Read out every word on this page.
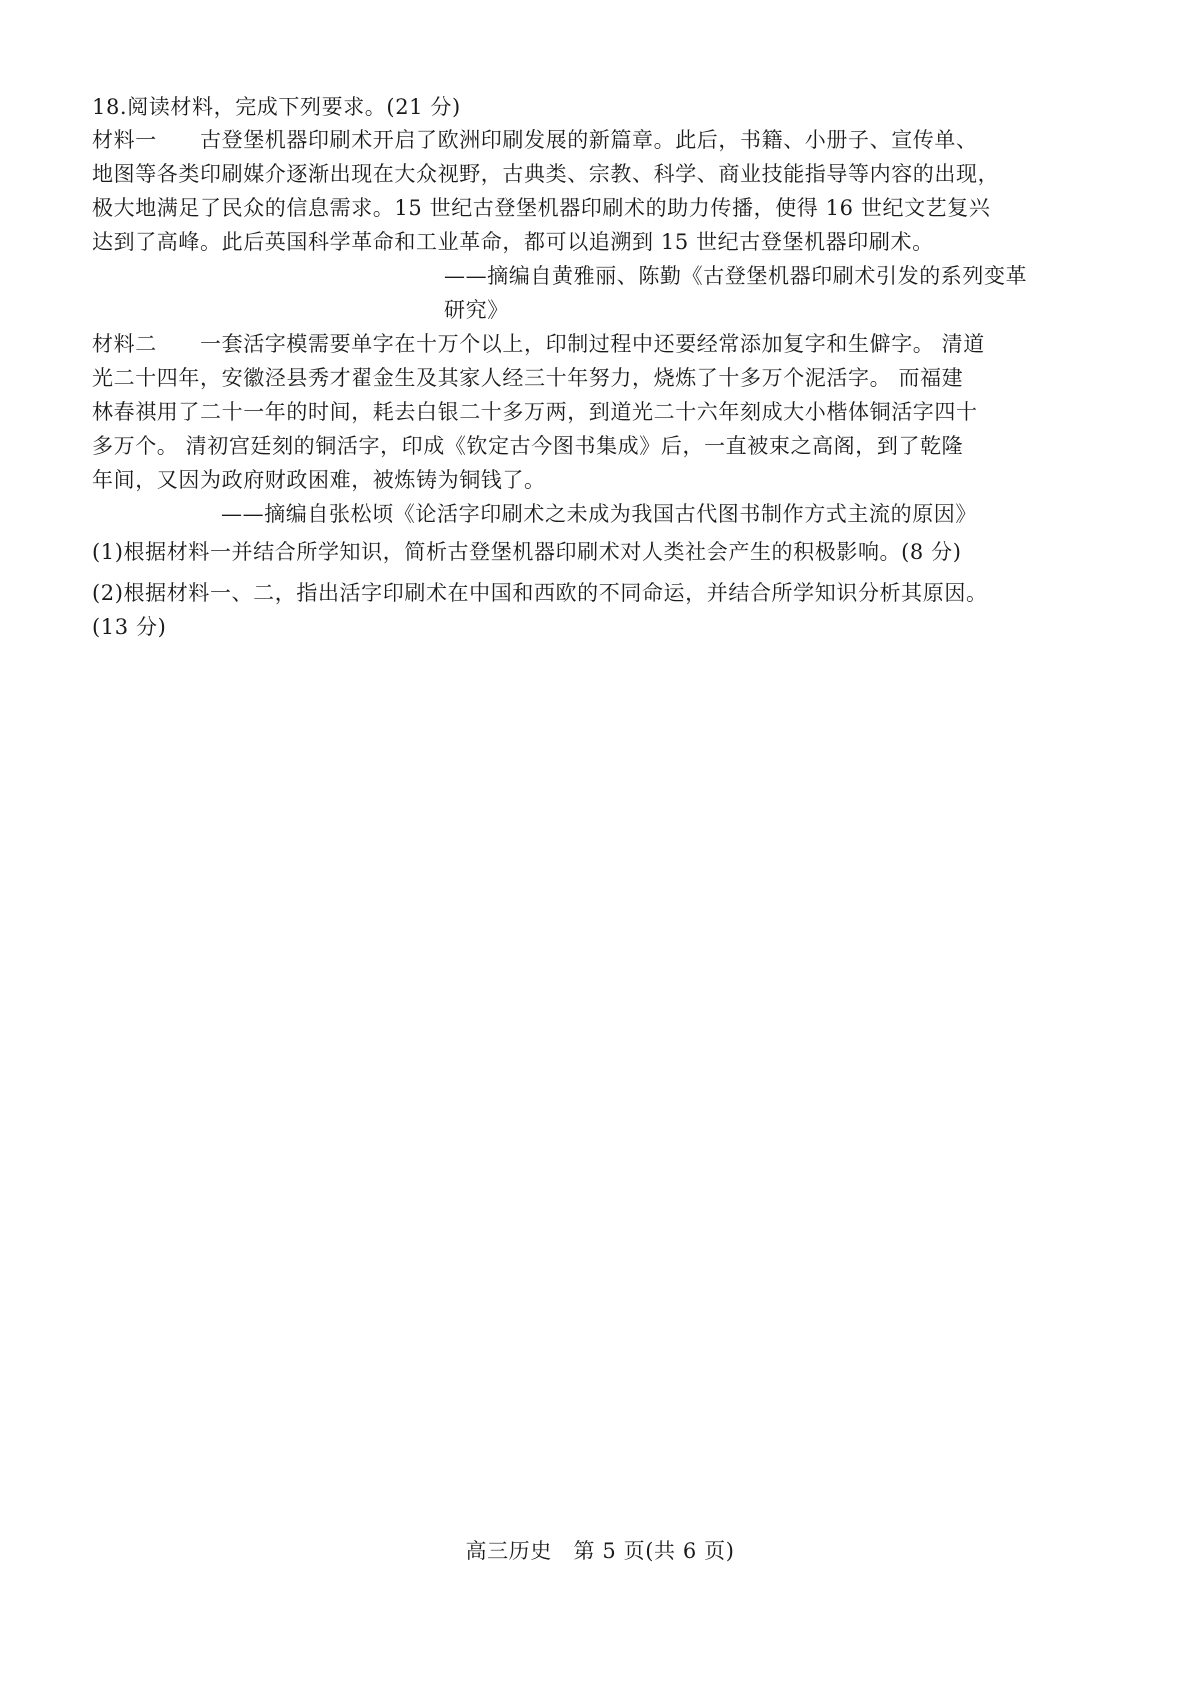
18.阅读材料，完成下列要求。(21 分)
材料一　　古登堡机器印刷术开启了欧洲印刷发展的新篇章。此后，书籍、小册子、宣传单、
地图等各类印刷媒介逐渐出现在大众视野，古典类、宗教、科学、商业技能指导等内容的出现，
极大地满足了民众的信息需求。15 世纪古登堡机器印刷术的助力传播，使得 16 世纪文艺复兴
达到了高峰。此后英国科学革命和工业革命，都可以追溯到 15 世纪古登堡机器印刷术。
——摘编自黄雅丽、陈勤《古登堡机器印刷术引发的系列变革
研究》
材料二　　一套活字模需要单字在十万个以上，印制过程中还要经常添加复字和生僻字。 清道
光二十四年，安徽泾县秀才翟金生及其家人经三十年努力，烧炼了十多万个泥活字。 而福建
林春祺用了二十一年的时间，耗去白银二十多万两，到道光二十六年刻成大小楷体铜活字四十
多万个。 清初宫廷刻的铜活字，印成《钦定古今图书集成》后，一直被束之高阁，到了乾隆
年间，又因为政府财政困难，被炼铸为铜钱了。
——摘编自张松顷《论活字印刷术之未成为我国古代图书制作方式主流的原因》
(1)根据材料一并结合所学知识，简析古登堡机器印刷术对人类社会产生的积极影响。(8 分)
(2)根据材料一、二，指出活字印刷术在中国和西欧的不同命运，并结合所学知识分析其原因。
(13 分)
高三历史　第 5 页(共 6 页)
